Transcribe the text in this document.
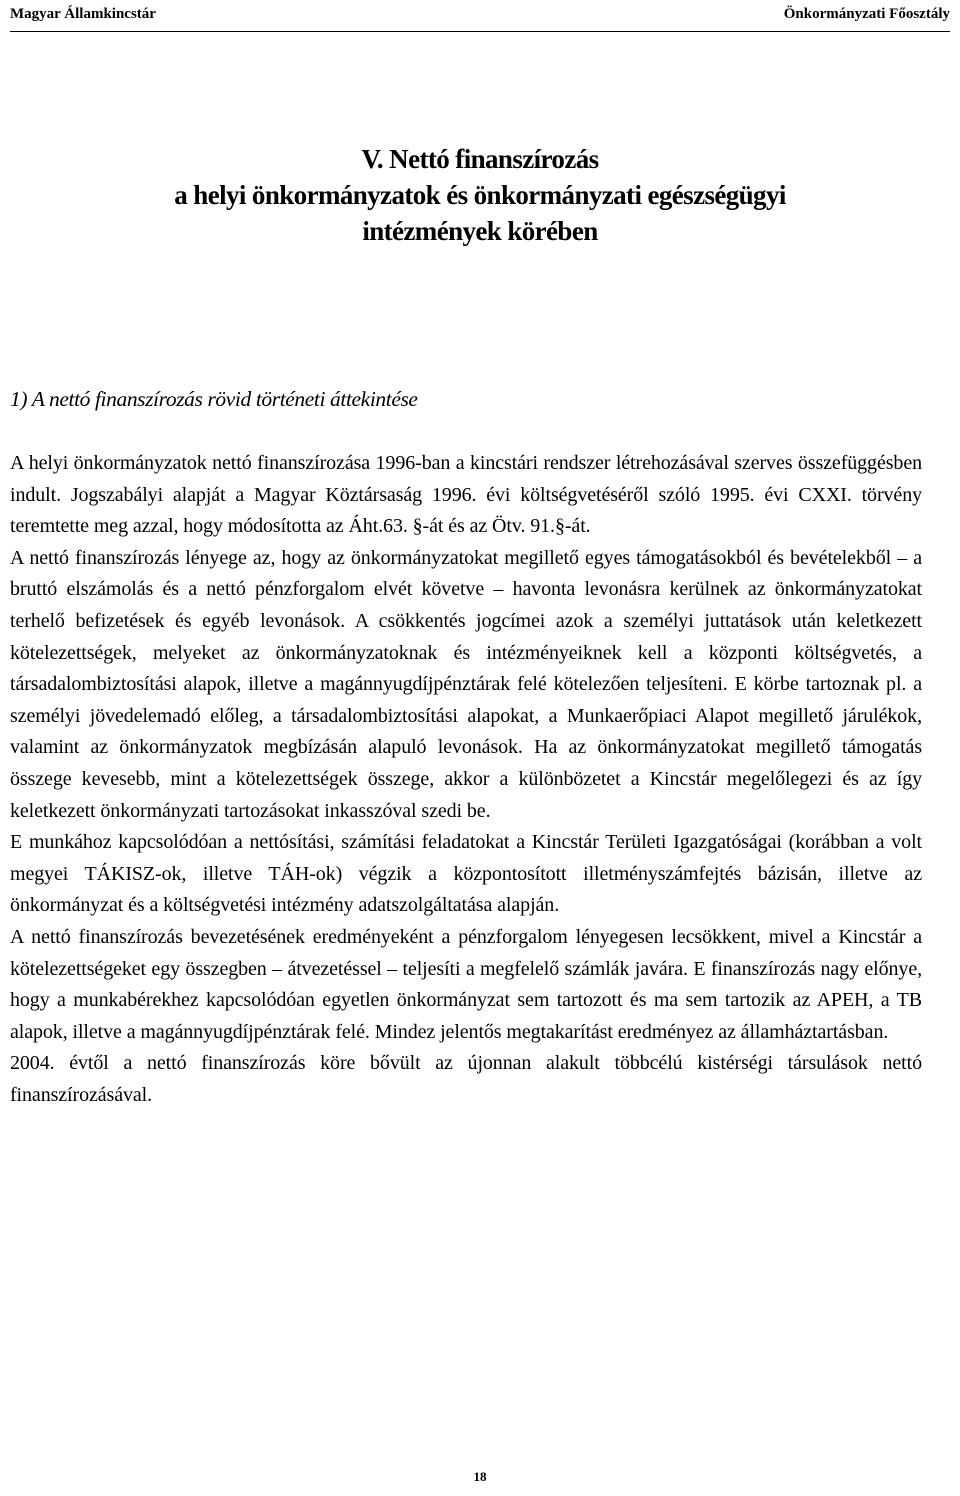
Magyar Államkincstár	Önkormányzati Főosztály
V. Nettó finanszírozás
a helyi önkormányzatok és önkormányzati egészségügyi
intézmények körében
1) A nettó finanszírozás rövid történeti áttekintése

A helyi önkormányzatok nettó finanszírozása 1996-ban a kincstári rendszer létrehozásával szerves összefüggésben indult. Jogszabályi alapját a Magyar Köztársaság 1996. évi költségvetéséről szóló 1995. évi CXXI. törvény teremtette meg azzal, hogy módosította az Áht.63. §-át és az Ötv. 91.§-át.

A nettó finanszírozás lényege az, hogy az önkormányzatokat megillető egyes támogatásokból és bevételekből – a bruttó elszámolás és a nettó pénzforgalom elvét követve – havonta levonásra kerülnek az önkormányzatokat terhelő befizetések és egyéb levonások. A csökkentés jogcímei azok a személyi juttatások után keletkezett kötelezettségek, melyeket az önkormányzatoknak és intézményeiknek kell a központi költségvetés, a társadalombiztosítási alapok, illetve a magánnyugdíjpénztárak felé kötelezően teljesíteni. E körbe tartoznak pl. a személyi jövedelemadó előleg, a társadalombiztosítási alapokat, a Munkaerőpiaci Alapot megillető járulékok, valamint az önkormányzatok megbízásán alapuló levonások. Ha az önkormányzatokat megillető támogatás összege kevesebb, mint a kötelezettségek összege, akkor a különbözetet a Kincstár megelőlegezi és az így keletkezett önkormányzati tartozásokat inkasszóval szedi be.

E munkához kapcsolódóan a nettósítási, számítási feladatokat a Kincstár Területi Igazgatóságai (korábban a volt megyei TÁKISZ-ok, illetve TÁH-ok) végzik a központosított illetményszámfejtés bázisán, illetve az önkormányzat és a költségvetési intézmény adatszolgáltatása alapján.

A nettó finanszírozás bevezetésének eredményeként a pénzforgalom lényegesen lecsökkent, mivel a Kincstár a kötelezettségeket egy összegben – átvezetéssel – teljesíti a megfelelő számlák javára. E finanszírozás nagy előnye, hogy a munkabérekhez kapcsolódóan egyetlen önkormányzat sem tartozott és ma sem tartozik az APEH, a TB alapok, illetve a magánnyugdíjpénztárak felé. Mindez jelentős megtakarítást eredményez az államháztartásban.

2004. évtől a nettó finanszírozás köre bővült az újonnan alakult többcélú kistérségi társulások nettó finanszírozásával.

18
